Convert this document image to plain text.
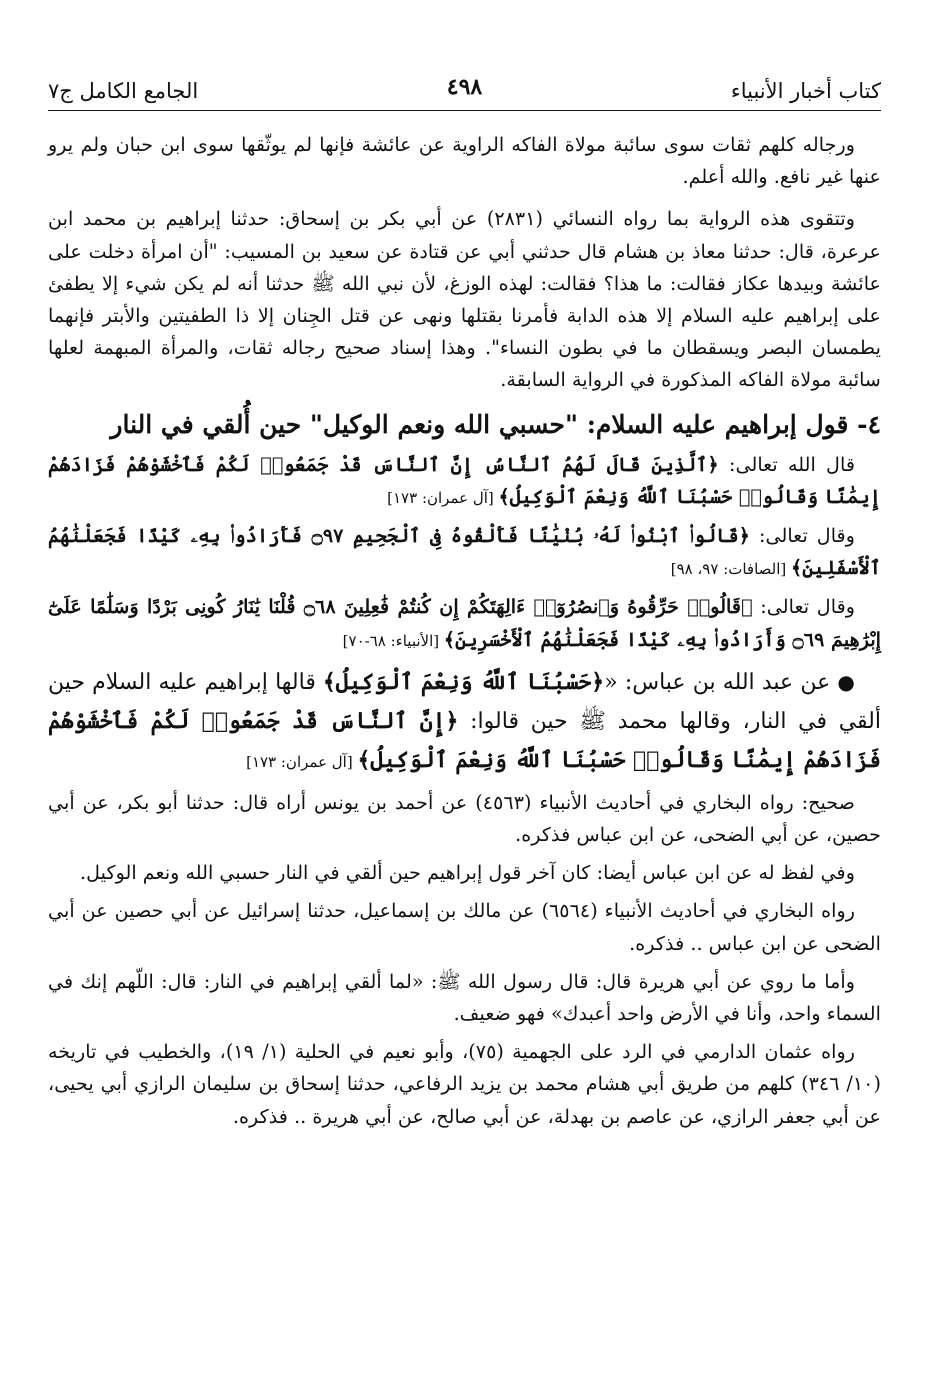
كتاب أخبار الأنبياء
٤٩٨
الجامع الكامل ج٧

ورجاله كلهم ثقات سوى سائبة مولاة الفاكه الراوية عن عائشة فإنها لم يوثّقها سوى ابن حبان ولم يرو عنها غير نافع. والله أعلم.

وتتقوى هذه الرواية بما رواه النسائي (٢٨٣١) عن أبي بكر بن إسحاق: حدثنا إبراهيم بن محمد ابن عرعرة، قال: حدثنا معاذ بن هشام قال حدثني أبي عن قتادة عن سعيد بن المسيب: "أن امرأة دخلت على عائشة وبيدها عكاز فقالت: ما هذا؟ فقالت: لهذه الوزغ، لأن نبي الله ﷺ حدثنا أنه لم يكن شيء إلا يطفئ على إبراهيم عليه السلام إلا هذه الدابة فأمرنا بقتلها ونهى عن قتل الجِنان إلا ذا الطفيتين والأبتر فإنهما يطمسان البصر ويسقطان ما في بطون النساء". وهذا إسناد صحيح رجاله ثقات، والمرأة المبهمة لعلها سائبة مولاة الفاكه المذكورة في الرواية السابقة.

٤- قول إبراهيم عليه السلام: "حسبي الله ونعم الوكيل" حين أُلقي في النار

قال الله تعالى: ﴿ٱلَّذِينَ قَالَ لَهُمُ ٱلنَّاسُ إِنَّ ٱلنَّاسَ قَدْ جَمَعُوا۟ لَكُمْ فَٱخْشَوْهُمْ فَزَادَهُمْ إِيمَٰنًا وَقَالُوا۟ حَسْبُنَا ٱللَّهُ وَنِعْمَ ٱلْوَكِيلُ﴾ [آل عمران: ١٧٣]

وقال تعالى: ﴿قَالُوا۟ ٱبْنُوا۟ لَهُۥ بُنْيَٰنًا فَأَلْقُوهُ فِى ٱلْجَحِيمِ ۝٩٧ فَأَرَادُوا۟ بِهِۦ كَيْدًا فَجَعَلْنَٰهُمُ ٱلْأَسْفَلِينَ﴾ [الصافات: ٩٧، ٩٨]

وقال تعالى: ﴿قَالُوا۟ حَرِّقُوهُ وَٱنصُرُوٓا۟ ءَالِهَتَكُمْ إِن كُنتُمْ فَٰعِلِينَ ۝٦٨ قُلْنَا يَٰنَارُ كُونِى بَرْدًا وَسَلَٰمًا عَلَىٰٓ إِبْرَٰهِيمَ ۝٦٩ وَأَرَادُوا۟ بِهِۦ كَيْدًا فَجَعَلْنَٰهُمُ ٱلْأَخْسَرِينَ﴾ [الأنبياء: ٦٨-٧٠]

● عن عبد الله بن عباس: «﴿حَسْبُنَا ٱللَّهُ وَنِعْمَ ٱلْوَكِيلُ﴾ قالها إبراهيم عليه السلام حين ألقي في النار، وقالها محمد ﷺ حين قالوا: ﴿إِنَّ ٱلنَّاسَ قَدْ جَمَعُوا۟ لَكُمْ فَٱخْشَوْهُمْ فَزَادَهُمْ إِيمَٰنًا وَقَالُوا۟ حَسْبُنَا ٱللَّهُ وَنِعْمَ ٱلْوَكِيلُ﴾ [آل عمران: ١٧٣]

صحيح: رواه البخاري في أحاديث الأنبياء (٤٥٦٣) عن أحمد بن يونس أراه قال: حدثنا أبو بكر، عن أبي حصين، عن أبي الضحى، عن ابن عباس فذكره.

وفي لفظ له عن ابن عباس أيضا: كان آخر قول إبراهيم حين ألقي في النار حسبي الله ونعم الوكيل.

رواه البخاري في أحاديث الأنبياء (٦٥٦٤) عن مالك بن إسماعيل، حدثنا إسرائيل عن أبي حصين عن أبي الضحى عن ابن عباس .. فذكره.

وأما ما روي عن أبي هريرة قال: قال رسول الله ﷺ: «لما ألقي إبراهيم في النار: قال: اللّهم إنك في السماء واحد، وأنا في الأرض واحد أعبدك» فهو ضعيف.

رواه عثمان الدارمي في الرد على الجهمية (٧٥)، وأبو نعيم في الحلية (١/ ١٩)، والخطيب في تاريخه (١٠/ ٣٤٦) كلهم من طريق أبي هشام محمد بن يزيد الرفاعي، حدثنا إسحاق بن سليمان الرازي أبي يحيى، عن أبي جعفر الرازي، عن عاصم بن بهدلة، عن أبي صالح، عن أبي هريرة .. فذكره.
